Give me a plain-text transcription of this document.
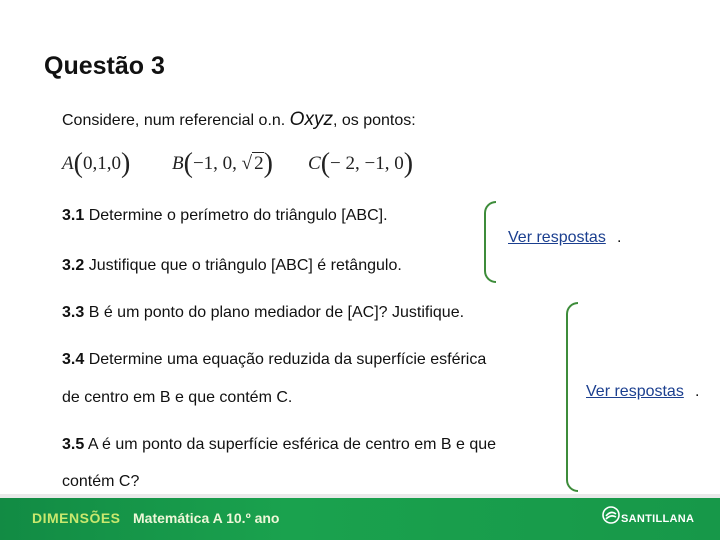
Questão 3
Considere, num referencial o.n. Oxyz, os pontos:
A(0,1,0) B(−1, 0, √ 2) C(− 2, −1, 0)
3.1 Determine o perímetro do triângulo [ABC].
3.2 Justifique que o triângulo [ABC] é retângulo.
Ver respostas .
3.3 B é um ponto do plano mediador de [AC]? Justifique.
3.4 Determine uma equação reduzida da superfície esférica
de centro em B e que contém C.
3.5 A é um ponto da superfície esférica de centro em B e que
contém C?
Ver respostas .
DIMENSÕES Matemática A 10.º ano	SANTILLANA
